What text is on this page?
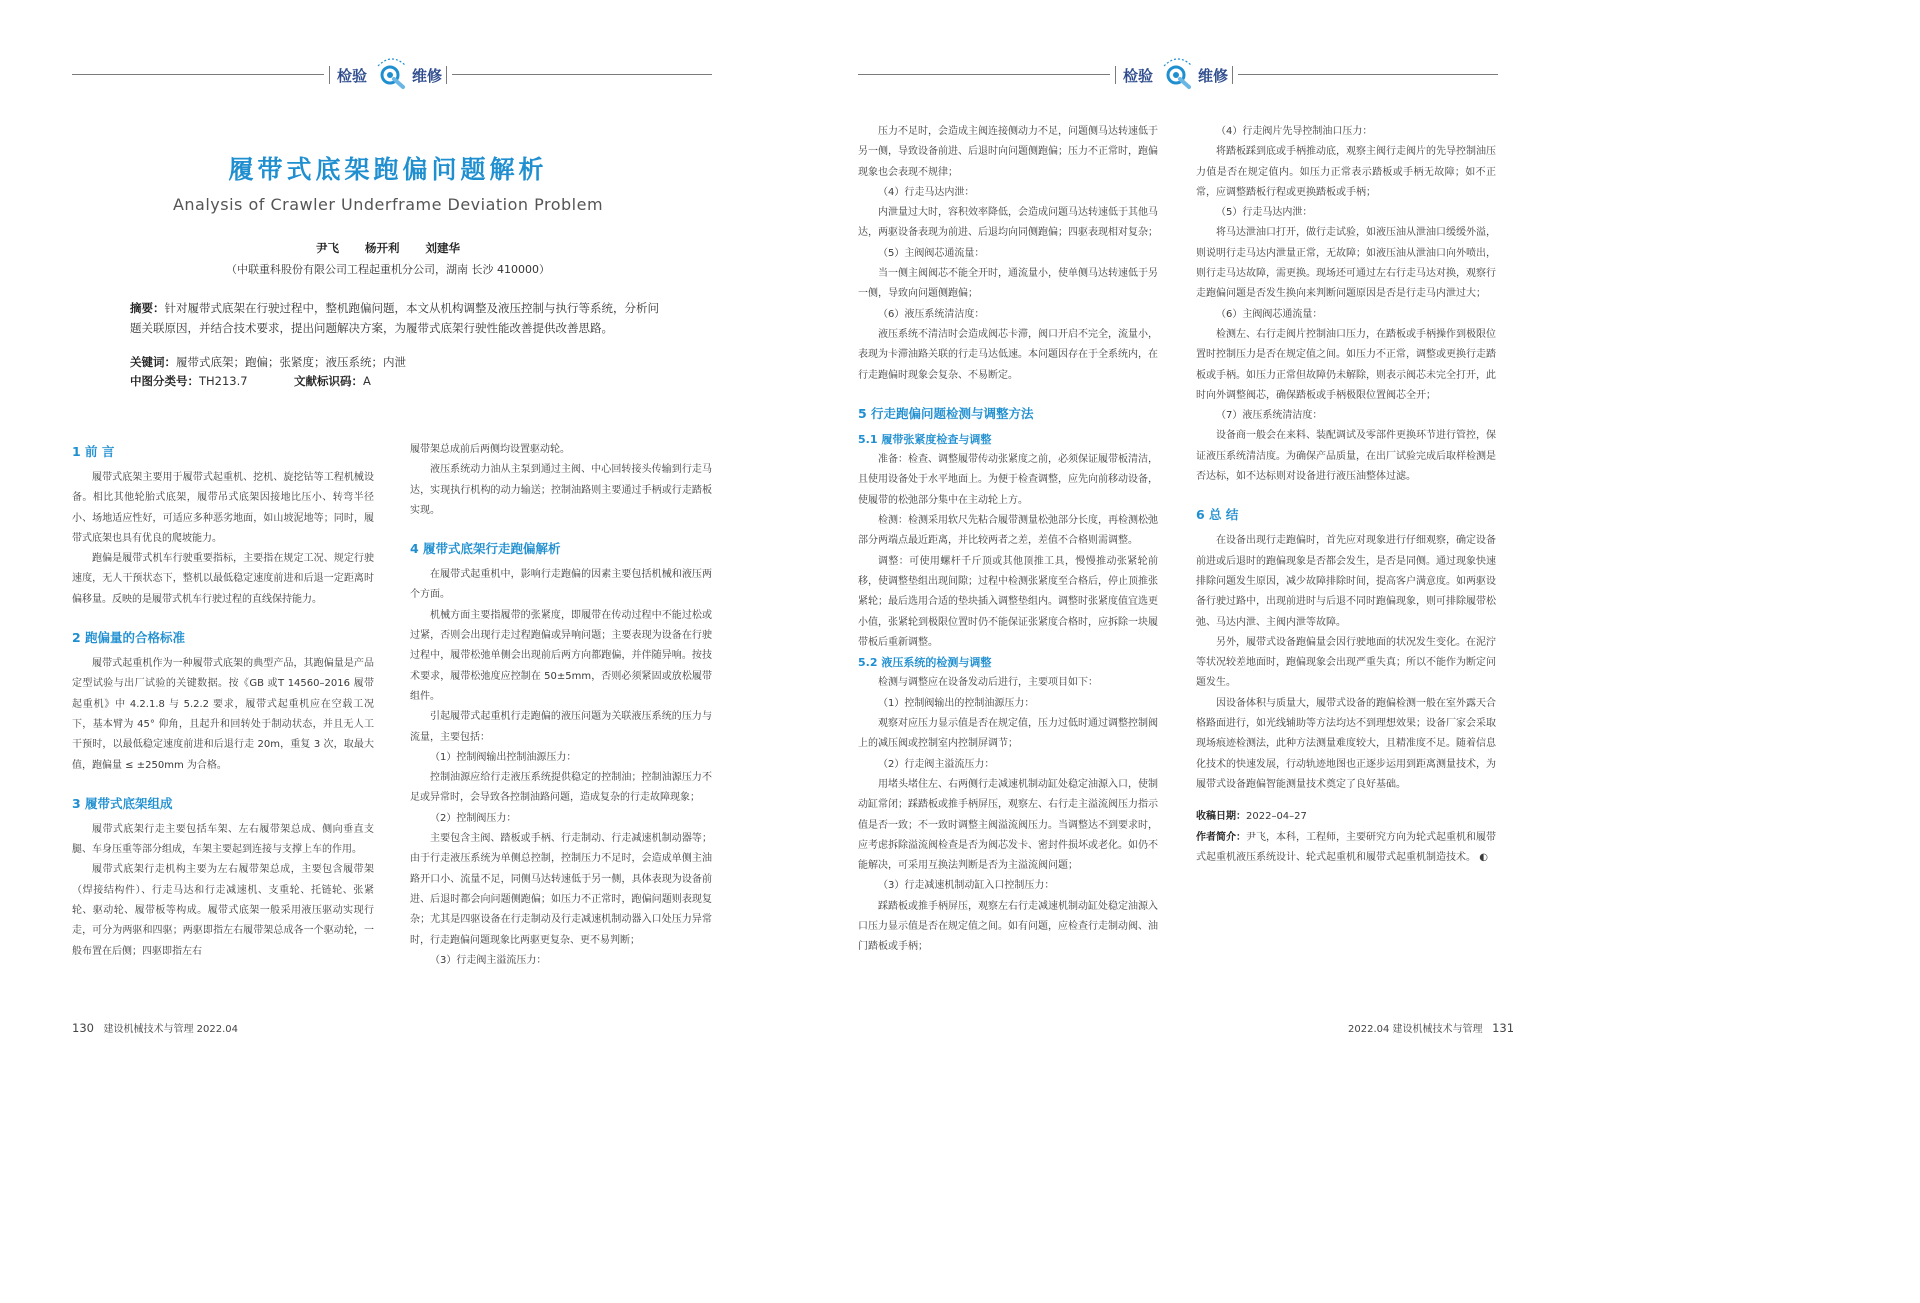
检验	维修
履带式底架跑偏问题解析
Analysis of Crawler Underframe Deviation Problem
尹飞 杨开利 刘建华
（中联重科股份有限公司工程起重机分公司，湖南 长沙 410000）
摘要：针对履带式底架在行驶过程中，整机跑偏问题，本文从机构调整及液压控制与执行等系统，分析问题关联原因，并结合技术要求，提出问题解决方案，为履带式底架行驶性能改善提供改善思路。
关键词：履带式底架；跑偏；张紧度；液压系统；内泄
中图分类号：TH213.7	文献标识码：A
1 前 言

履带式底架主要用于履带式起重机、挖机、旋挖钻等工程机械设备。相比其他轮胎式底架，履带吊式底架因接地比压小、转弯半径小、场地适应性好，可适应多种恶劣地面，如山坡泥地等；同时，履带式底架也具有优良的爬坡能力。

跑偏是履带式机车行驶重要指标，主要指在规定工况、规定行驶速度，无人干预状态下，整机以最低稳定速度前进和后退一定距离时偏移量。反映的是履带式机车行驶过程的直线保持能力。

2 跑偏量的合格标准

履带式起重机作为一种履带式底架的典型产品，其跑偏量是产品定型试验与出厂试验的关键数据。按《GB 或T 14560–2016 履带起重机》中 4.2.1.8 与 5.2.2 要求，履带式起重机应在空载工况下，基本臂为 45° 仰角，且起升和回转处于制动状态，并且无人工干预时，以最低稳定速度前进和后退行走 20m，重复 3 次，取最大值，跑偏量 ≤ ±250mm 为合格。

3 履带式底架组成

履带式底架行走主要包括车架、左右履带架总成、侧向垂直支腿、车身压重等部分组成，车架主要起到连接与支撑上车的作用。

履带式底架行走机构主要为左右履带架总成，主要包含履带架（焊接结构件）、行走马达和行走减速机、支重轮、托链轮、张紧轮、驱动轮、履带板等构成。履带式底架一般采用液压驱动实现行走，可分为两驱和四驱；两驱即指左右履带架总成各一个驱动轮，一般布置在后侧；四驱即指左右

履带架总成前后两侧均设置驱动轮。

液压系统动力油从主泵到通过主阀、中心回转接头传输到行走马达，实现执行机构的动力输送；控制油路则主要通过手柄或行走踏板实现。

4 履带式底架行走跑偏解析

在履带式起重机中，影响行走跑偏的因素主要包括机械和液压两个方面。

机械方面主要指履带的张紧度，即履带在传动过程中不能过松或过紧，否则会出现行走过程跑偏或异响问题；主要表现为设备在行驶过程中，履带松弛单侧会出现前后两方向都跑偏，并伴随异响。按技术要求，履带松弛度应控制在 50±5mm，否则必须紧固或放松履带组件。

引起履带式起重机行走跑偏的液压问题为关联液压系统的压力与流量，主要包括：

（1）控制阀输出控制油源压力：

控制油源应给行走液压系统提供稳定的控制油；控制油源压力不足或异常时，会导致各控制油路问题，造成复杂的行走故障现象；

（2）控制阀压力：

主要包含主阀、踏板或手柄、行走制动、行走减速机制动器等；由于行走液压系统为单侧总控制，控制压力不足时，会造成单侧主油路开口小、流量不足，同侧马达转速低于另一侧，具体表现为设备前进、后退时都会向问题侧跑偏；如压力不正常时，跑偏问题则表现复杂；尤其是四驱设备在行走制动及行走减速机制动器入口处压力异常时，行走跑偏问题现象比两驱更复杂、更不易判断；

（3）行走阀主溢流压力：

130 建设机械技术与管理 2022.04
检验	维修

压力不足时，会造成主阀连接侧动力不足，问题侧马达转速低于另一侧，导致设备前进、后退时向问题侧跑偏；压力不正常时，跑偏现象也会表现不规律；

（4）行走马达内泄：

内泄量过大时，容积效率降低，会造成问题马达转速低于其他马达，两驱设备表现为前进、后退均向同侧跑偏；四驱表现相对复杂；

（5）主阀阀芯通流量：

当一侧主阀阀芯不能全开时，通流量小，使单侧马达转速低于另一侧，导致向问题侧跑偏；

（6）液压系统清洁度：

液压系统不清洁时会造成阀芯卡滞，阀口开启不完全，流量小，表现为卡滞油路关联的行走马达低速。本问题因存在于全系统内，在行走跑偏时现象会复杂、不易断定。

5 行走跑偏问题检测与调整方法
5.1 履带张紧度检查与调整

准备：检查、调整履带传动张紧度之前，必须保证履带板清洁，且使用设备处于水平地面上。为便于检查调整，应先向前移动设备，使履带的松弛部分集中在主动轮上方。

检测：检测采用软尺先粘合履带测量松弛部分长度，再检测松弛部分两端点最近距离，并比较两者之差，差值不合格则需调整。

调整：可使用螺杆千斤顶或其他顶推工具，慢慢推动张紧轮前移，使调整垫组出现间隙；过程中检测张紧度至合格后，停止顶推张紧轮；最后选用合适的垫块插入调整垫组内。调整时张紧度值宜选更小值，张紧轮到极限位置时仍不能保证张紧度合格时，应拆除一块履带板后重新调整。

5.2 液压系统的检测与调整

检测与调整应在设备发动后进行，主要项目如下：

（1）控制阀输出的控制油源压力：

观察对应压力显示值是否在规定值，压力过低时通过调整控制阀上的减压阀或控制室内控制屏调节；

（2）行走阀主溢流压力：

用堵头堵住左、右两侧行走减速机制动缸处稳定油源入口，使制动缸常闭；踩踏板或推手柄屏压，观察左、右行走主溢流阀压力指示值是否一致；不一致时调整主阀溢流阀压力。当调整达不到要求时，应考虑拆除溢流阀检查是否为阀芯发卡、密封件损坏或老化。如仍不能解决，可采用互换法判断是否为主溢流阀问题；

（3）行走减速机制动缸入口控制压力：

踩踏板或推手柄屏压，观察左右行走减速机制动缸处稳定油源入口压力显示值是否在规定值之间。如有问题，应检查行走制动阀、油门踏板或手柄；

（4）行走阀片先导控制油口压力：

将踏板踩到底或手柄推动底，观察主阀行走阀片的先导控制油压力值是否在规定值内。如压力正常表示踏板或手柄无故障；如不正常，应调整踏板行程或更换踏板或手柄；

（5）行走马达内泄：

将马达泄油口打开，做行走试验，如液压油从泄油口缓缓外溢，则说明行走马达内泄量正常，无故障；如液压油从泄油口向外喷出，则行走马达故障，需更换。现场还可通过左右行走马达对换，观察行走跑偏问题是否发生换向来判断问题原因是否是行走马内泄过大；

（6）主阀阀芯通流量：

检测左、右行走阀片控制油口压力，在踏板或手柄操作到极限位置时控制压力是否在规定值之间。如压力不正常，调整或更换行走踏板或手柄。如压力正常但故障仍未解除，则表示阀芯未完全打开，此时向外调整阀芯，确保踏板或手柄极限位置阀芯全开；

（7）液压系统清洁度：

设备商一般会在来料、装配调试及零部件更换环节进行管控，保证液压系统清洁度。为确保产品质量，在出厂试验完成后取样检测是否达标，如不达标则对设备进行液压油整体过滤。

6 总 结

在设备出现行走跑偏时，首先应对现象进行仔细观察，确定设备前进或后退时的跑偏现象是否都会发生，是否是同侧。通过现象快速排除问题发生原因，减少故障排除时间，提高客户满意度。如两驱设备行驶过路中，出现前进时与后退不同时跑偏现象，则可排除履带松弛、马达内泄、主阀内泄等故障。

另外，履带式设备跑偏量会因行驶地面的状况发生变化。在泥泞等状况较差地面时，跑偏现象会出现严重失真；所以不能作为断定问题发生。

因设备体积与质量大，履带式设备的跑偏检测一般在室外露天合格路面进行，如光线辅助等方法均达不到理想效果；设备厂家会采取现场痕迹检测法，此种方法测量难度较大，且精准度不足。随着信息化技术的快速发展，行动轨迹地图也正逐步运用到距离测量技术，为履带式设备跑偏智能测量技术奠定了良好基础。

收稿日期：2022–04–27

作者简介：尹飞，本科，工程师，主要研究方向为轮式起重机和履带式起重机液压系统设计、轮式起重机和履带式起重机制造技术。 ◐

2022.04 建设机械技术与管理 131
